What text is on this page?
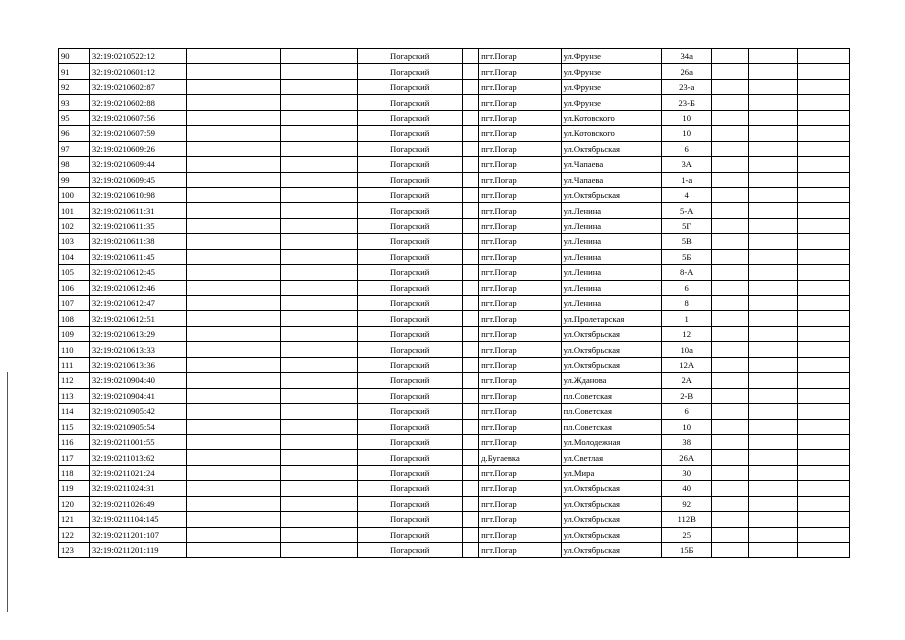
90	32:19:0210522:12			Погарский		пгт.Погар	ул.Фрунзе	34а			
91	32:19:0210601:12			Погарский		пгт.Погар	ул.Фрунзе	26а			
92	32:19:0210602:87			Погарский		пгт.Погар	ул.Фрунзе	23-а			
93	32:19:0210602:88			Погарский		пгт.Погар	ул.Фрунзе	23-Б			
95	32:19:0210607:56			Погарский		пгт.Погар	ул.Котовского	10			
96	32:19:0210607:59			Погарский		пгт.Погар	ул.Котовского	10			
97	32:19:0210609:26			Погарский		пгт.Погар	ул.Октябрьская	6			
98	32:19:0210609:44			Погарский		пгт.Погар	ул.Чапаева	3А			
99	32:19:0210609:45			Погарский		пгт.Погар	ул.Чапаева	1-а			
100	32:19:0210610:98			Погарский		пгт.Погар	ул.Октябрьская	4			
101	32:19:0210611:31			Погарский		пгт.Погар	ул.Ленина	5-А			
102	32:19:0210611:35			Погарский		пгт.Погар	ул.Ленина	5Г			
103	32:19:0210611:38			Погарский		пгт.Погар	ул.Ленина	5В			
104	32:19:0210611:45			Погарский		пгт.Погар	ул.Ленина	5Б			
105	32:19:0210612:45			Погарский		пгт.Погар	ул.Ленина	8-А			
106	32:19:0210612:46			Погарский		пгт.Погар	ул.Ленина	6			
107	32:19:0210612:47			Погарский		пгт.Погар	ул.Ленина	8			
108	32:19:0210612:51			Погарский		пгт.Погар	ул.Пролетарская	1			
109	32:19:0210613:29			Погарский		пгт.Погар	ул.Октябрьская	12			
110	32:19:0210613:33			Погарский		пгт.Погар	ул.Октябрьская	10а			
111	32:19:0210613:36			Погарский		пгт.Погар	ул.Октябрьская	12А			
112	32:19:0210904:40			Погарский		пгт.Погар	ул.Жданова	2А			
113	32:19:0210904:41			Погарский		пгт.Погар	пл.Советская	2-В			
114	32:19:0210905:42			Погарский		пгт.Погар	пл.Советская	6			
115	32:19:0210905:54			Погарский		пгт.Погар	пл.Советская	10			
116	32:19:0211001:55			Погарский		пгт.Погар	ул.Молодежная	38			
117	32:19:0211013:62			Погарский		д.Бугаевка	ул.Светлая	26А			
118	32:19:0211021:24			Погарский		пгт.Погар	ул.Мира	30			
119	32:19:0211024:31			Погарский		пгт.Погар	ул.Октябрьская	40			
120	32:19:0211026:49			Погарский		пгт.Погар	ул.Октябрьская	92			
121	32:19:0211104:145			Погарский		пгт.Погар	ул.Октябрьская	112В			
122	32:19:0211201:107			Погарский		пгт.Погар	ул.Октябрьская	25			
123	32:19:0211201:119			Погарский		пгт.Погар	ул.Октябрьская	15Б			
